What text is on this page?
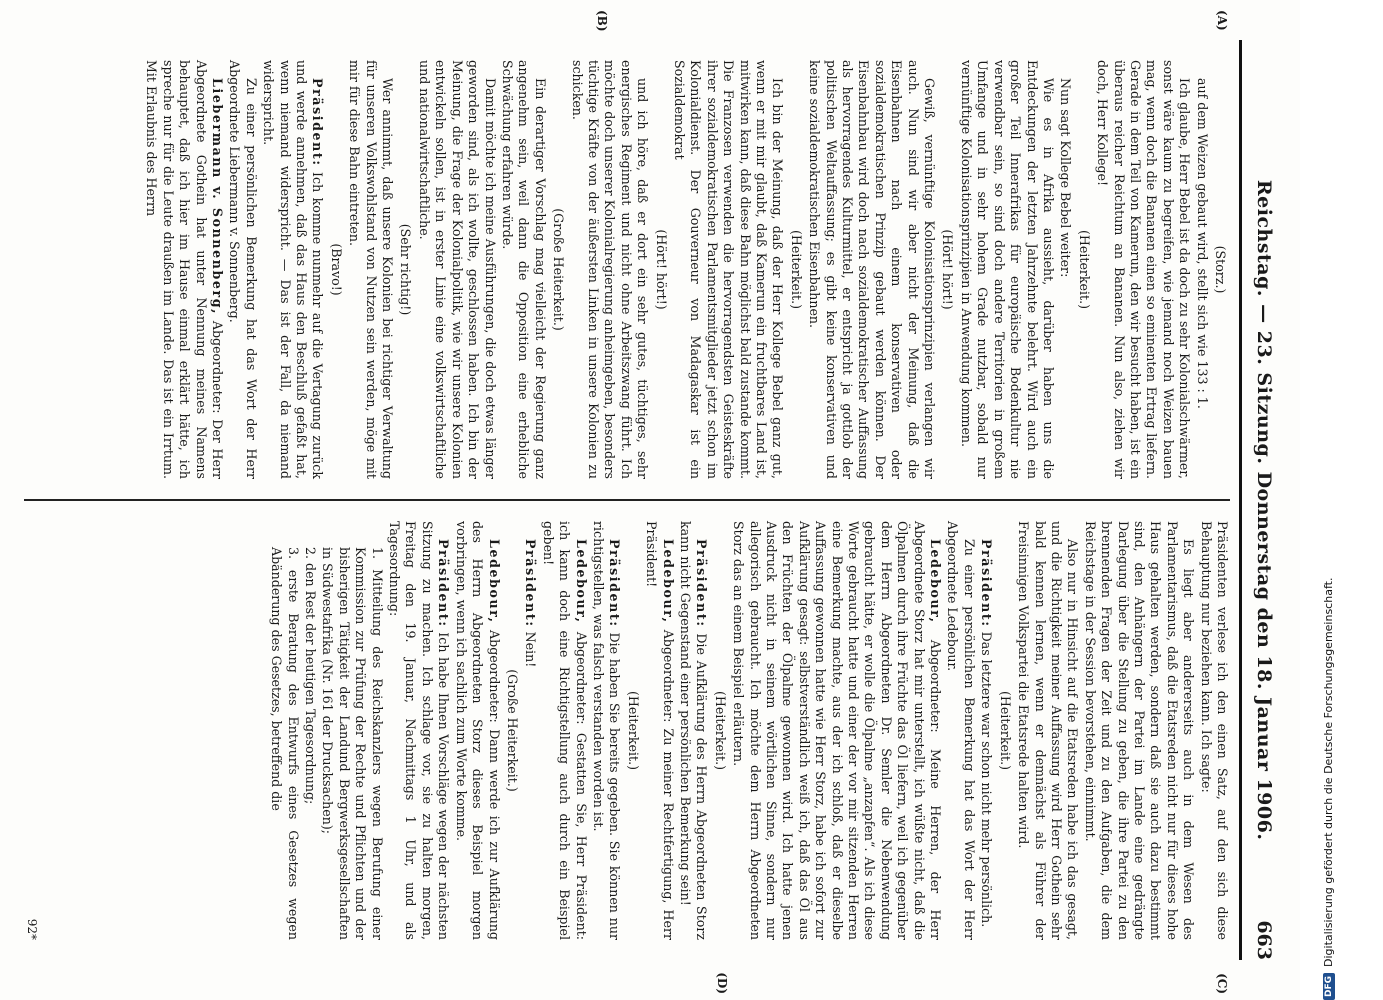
Reichstag. — 23. Sitzung. Donnerstag den 18. Januar 1906.
663
(A)
(B)

(Storz.)

auf dem Weizen gebaut wird, stellt sich wie 133 : 1.

Ich glaube, Herr Bebel ist da doch zu sehr Kolonialschwärmer, sonst wäre kaum zu begreifen, wie jemand noch Weizen bauen mag, wenn doch die Bananen einen so eminenten Ertrag liefern. Gerade in dem Teil von Kamerun, den wir besucht haben, ist ein überaus reicher Reichtum an Bananen. Nun also, ziehen wir doch, Herr Kollege!

(Heiterkeit.)

Nun sagt Kollege Bebel weiter:

Wie es in Afrika aussieht, darüber haben uns die Entdeckungen der letzten Jahrzehnte belehrt. Wird auch ein großer Teil Innerafrikas für europäische Bodenkultur nie verwendbar sein, so sind doch andere Territorien in großem Umfange und in sehr hohem Grade nutzbar, sobald nur vernünftige Kolonisationsprinzipien in Anwendung kommen.

(Hört! hört!)

Gewiß, vernünftige Kolonisationsprinzipien verlangen wir auch. Nun sind wir aber nicht der Meinung, daß die Eisenbahnen nach einem konservativen oder sozialdemokratischen Prinzip gebaut werden können. Der Eisenbahnbau wird doch nach sozialdemokratischer Auffassung als hervorragendes Kulturmittel, er entspricht ja gottlob der politischen Weltauffassung; es gibt keine konservativen und keine sozialdemokratischen Eisenbahnen.

(Heiterkeit.)

Ich bin der Meinung, daß der Herr Kollege Bebel ganz gut, wenn er mit mir glaubt, daß Kamerun ein fruchtbares Land ist, mitwirken kann, daß diese Bahn möglichst bald zustande kommt. Die Franzosen verwenden die hervorragendsten Geisteskräfte ihrer sozialdemokratischen Parlamentsmitglieder jetzt schon im Kolonialdienst. Der Gouverneur von Madagaskar ist ein Sozialdemokrat

(Hört! hört!)

und ich höre, daß er dort ein sehr gutes, tüchtiges, sehr energisches Regiment und nicht ohne Arbeitszwang führt. Ich möchte doch unserer Kolonialregierung anheimgeben, besonders tüchtige Kräfte von der äußersten Linken in unsere Kolonien zu schicken.

(Große Heiterkeit.)

Ein derartiger Vorschlag mag vielleicht der Regierung ganz angenehm sein, weil dann die Opposition eine erhebliche Schwächung erfahren würde.

Damit möchte ich meine Ausführungen, die doch etwas länger geworden sind, als ich wollte, geschlossen haben. Ich bin der Meinung, die Frage der Kolonialpolitik, wie wir unsere Kolonien entwickeln sollen, ist in erster Linie eine volkswirtschaftliche und nationalwirtschaftliche.

(Sehr richtig!)

Wer annimmt, daß unsere Kolonien bei richtiger Verwaltung für unseren Volkswohlstand von Nutzen sein werden, möge mit mir für diese Bahn eintreten.

(Bravo!)

Präsident: Ich komme nunmehr auf die Vertagung zurück und werde annehmen, daß das Haus den Beschluß gefaßt hat, wenn niemand widerspricht. — Das ist der Fall, da niemand widerspricht.

Zu einer persönlichen Bemerkung hat das Wort der Herr Abgeordnete Liebermann v. Sonnenberg.

Liebermann v. Sonnenberg, Abgeordneter: Der Herr Abgeordnete Gothein hat unter Nennung meines Namens behauptet, daß ich hier im Hause einmal erklärt hätte, ich spreche nur für die Leute draußen im Lande. Das ist ein Irrtum. Mit Erlaubnis des Herrn

(C)
(D)

Präsidenten verlese ich den einen Satz, auf den sich diese Behauptung nur beziehen kann. Ich sagte:

Es liegt aber andererseits auch in dem Wesen des Parlamentarismus, daß die Etatsreden nicht nur für dieses hohe Haus gehalten werden, sondern daß sie auch dazu bestimmt sind, den Anhängern der Partei im Lande eine gedrängte Darlegung über die Stellung zu geben, die ihre Partei zu den brennenden Fragen der Zeit und zu den Aufgaben, die dem Reichstage in der Session bevorstehen, einnimmt.

Also nur in Hinsicht auf die Etatsreden habe ich das gesagt, und die Richtigkeit meiner Auffassung wird Herr Gothein sehr bald kennen lernen, wenn er demnächst als Führer der Freisinnigen Volkspartei die Etatsrede halten wird.

(Heiterkeit.)

Präsident: Das letztere war schon nicht mehr persönlich.

Zu einer persönlichen Bemerkung hat das Wort der Herr Abgeordnete Ledebour.

Ledebour, Abgeordneter: Meine Herren, der Herr Abgeordnete Storz hat mir unterstellt, ich wüßte nicht, daß die Ölpalmen durch ihre Früchte das Öl liefern, weil ich gegenüber dem Herrn Abgeordneten Dr. Semler die Nebenwendung gebraucht hätte, er wolle die Ölpalme „anzapfen“. Als ich diese Worte gebraucht hatte und einer der vor mir sitzenden Herren eine Bemerkung machte, aus der ich schloß, daß er dieselbe Auffassung gewonnen hatte wie Herr Storz, habe ich sofort zur Aufklärung gesagt: selbstverständlich weiß ich, daß das Öl aus den Früchten der Ölpalme gewonnen wird. Ich hatte jenen Ausdruck nicht in seinem wörtlichen Sinne, sondern nur allegorisch gebraucht. Ich möchte dem Herrn Abgeordneten Storz das an einem Beispiel erläutern.

(Heiterkeit.)

Präsident: Die Aufklärung des Herrn Abgeordneten Storz kann nicht Gegenstand einer persönlichen Bemerkung sein!

Ledebour, Abgeordneter: Zu meiner Rechtfertigung, Herr Präsident!

(Heiterkeit.)

Präsident: Die haben Sie bereits gegeben. Sie können nur richtigstellen, was falsch verstanden worden ist.

Ledebour, Abgeordneter: Gestatten Sie, Herr Präsident: ich kann doch eine Richtigstellung auch durch ein Beispiel geben!

Präsident: Nein!

(Große Heiterkeit.)

Ledebour, Abgeordneter: Dann werde ich zur Aufklärung des Herrn Abgeordneten Storz dieses Beispiel morgen vorbringen, wenn ich sachlich zum Worte komme.

Präsident: Ich habe Ihnen Vorschläge wegen der nächsten Sitzung zu machen. Ich schlage vor, sie zu halten morgen, Freitag den 19. Januar, Nachmittags 1 Uhr, und als Tagesordnung:

1. Mitteilung des Reichskanzlers wegen Berufung einer Kommission zur Prüfung der Rechte und Pflichten und der bisherigen Tätigkeit der Landund Bergwerksgesellschaften in Südwestafrika (Nr. 161 der Drucksachen);

2. den Rest der heutigen Tagesordnung;

3. erste Beratung des Entwurfs eines Gesetzes wegen Abänderung des Gesetzes, betreffend die

92*
DFG
Digitalisierung gefördert durch die Deutsche Forschungsgemeinschaft.
